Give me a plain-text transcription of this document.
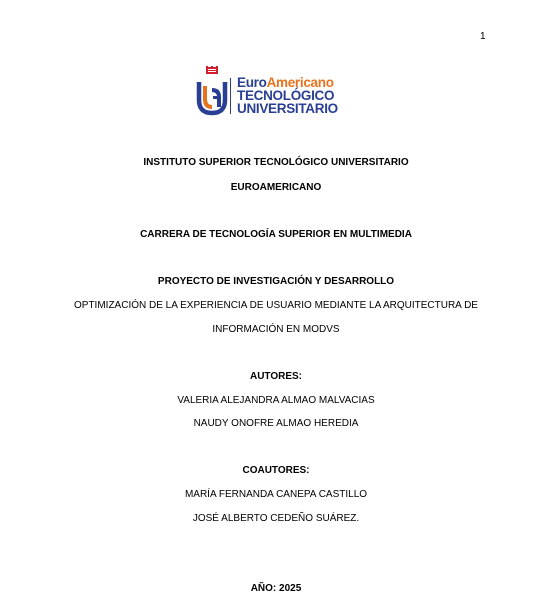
1
EuroAmericano
TECNOLÓGICO
UNIVERSITARIO
INSTITUTO SUPERIOR TECNOLÓGICO UNIVERSITARIO
EUROAMERICANO
CARRERA DE TECNOLOGÍA SUPERIOR EN MULTIMEDIA
PROYECTO DE INVESTIGACIÓN Y DESARROLLO
OPTIMIZACIÓN DE LA EXPERIENCIA DE USUARIO MEDIANTE LA ARQUITECTURA DE
INFORMACIÓN EN MODVS
AUTORES:
VALERIA ALEJANDRA ALMAO MALVACIAS
NAUDY ONOFRE ALMAO HEREDIA
COAUTORES:
MARÍA FERNANDA CANEPA CASTILLO
JOSÉ ALBERTO CEDEÑO SUÁREZ.
AÑO: 2025
